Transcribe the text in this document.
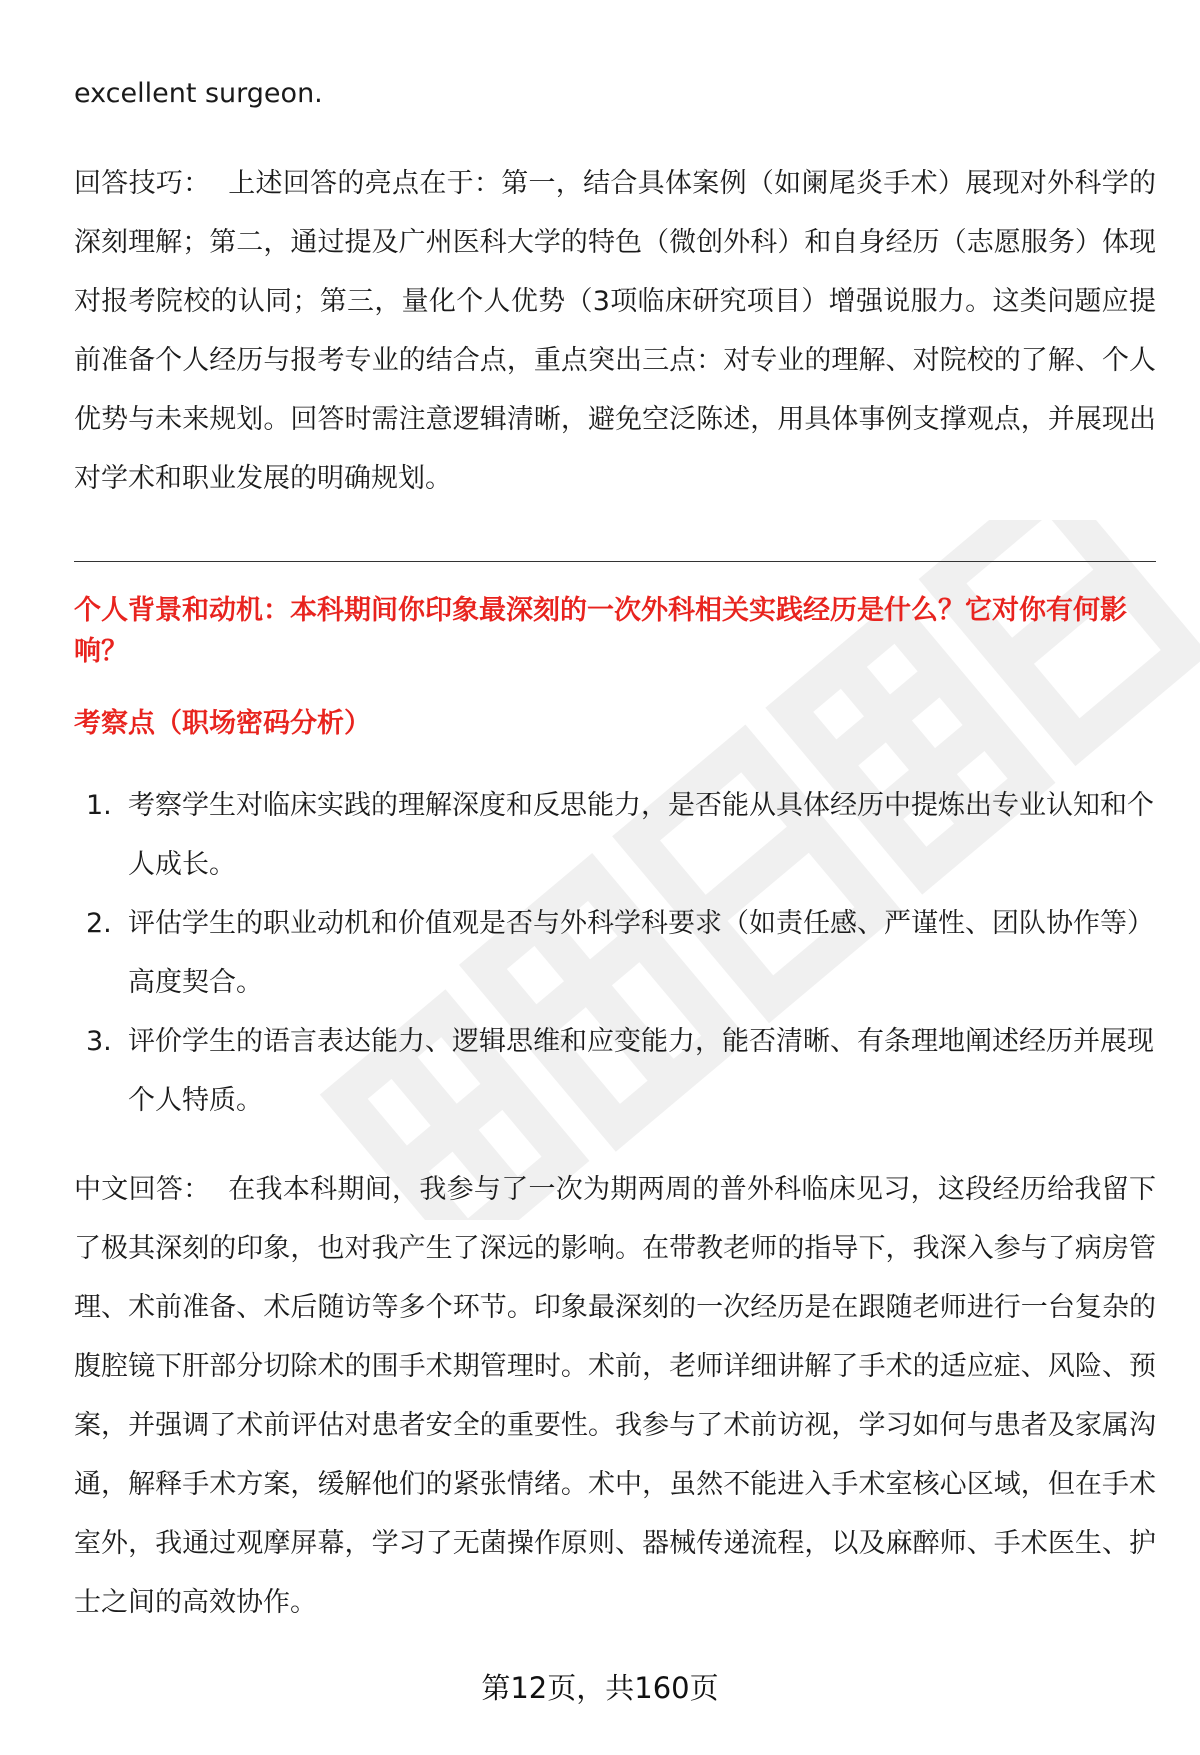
excellent surgeon.

回答技巧： 上述回答的亮点在于：第一，结合具体案例（如阑尾炎手术）展现对外科学的深刻理解；第二，通过提及广州医科大学的特色（微创外科）和自身经历（志愿服务）体现对报考院校的认同；第三，量化个人优势（3项临床研究项目）增强说服力。这类问题应提前准备个人经历与报考专业的结合点，重点突出三点：对专业的理解、对院校的了解、个人优势与未来规划。回答时需注意逻辑清晰，避免空泛陈述，用具体事例支撑观点，并展现出对学术和职业发展的明确规划。

个人背景和动机：本科期间你印象最深刻的一次外科相关实践经历是什么？它对你有何影响？
考察点（职场密码分析）
1. 考察学生对临床实践的理解深度和反思能力，是否能从具体经历中提炼出专业认知和个人成长。
2. 评估学生的职业动机和价值观是否与外科学科要求（如责任感、严谨性、团队协作等）高度契合。
3. 评价学生的语言表达能力、逻辑思维和应变能力，能否清晰、有条理地阐述经历并展现个人特质。

中文回答： 在我本科期间，我参与了一次为期两周的普外科临床见习，这段经历给我留下了极其深刻的印象，也对我产生了深远的影响。在带教老师的指导下，我深入参与了病房管理、术前准备、术后随访等多个环节。印象最深刻的一次经历是在跟随老师进行一台复杂的腹腔镜下肝部分切除术的围手术期管理时。术前，老师详细讲解了手术的适应症、风险、预案，并强调了术前评估对患者安全的重要性。我参与了术前访视，学习如何与患者及家属沟通，解释手术方案，缓解他们的紧张情绪。术中，虽然不能进入手术室核心区域，但在手术室外，我通过观摩屏幕，学习了无菌操作原则、器械传递流程，以及麻醉师、手术医生、护士之间的高效协作。

第12页，共160页
